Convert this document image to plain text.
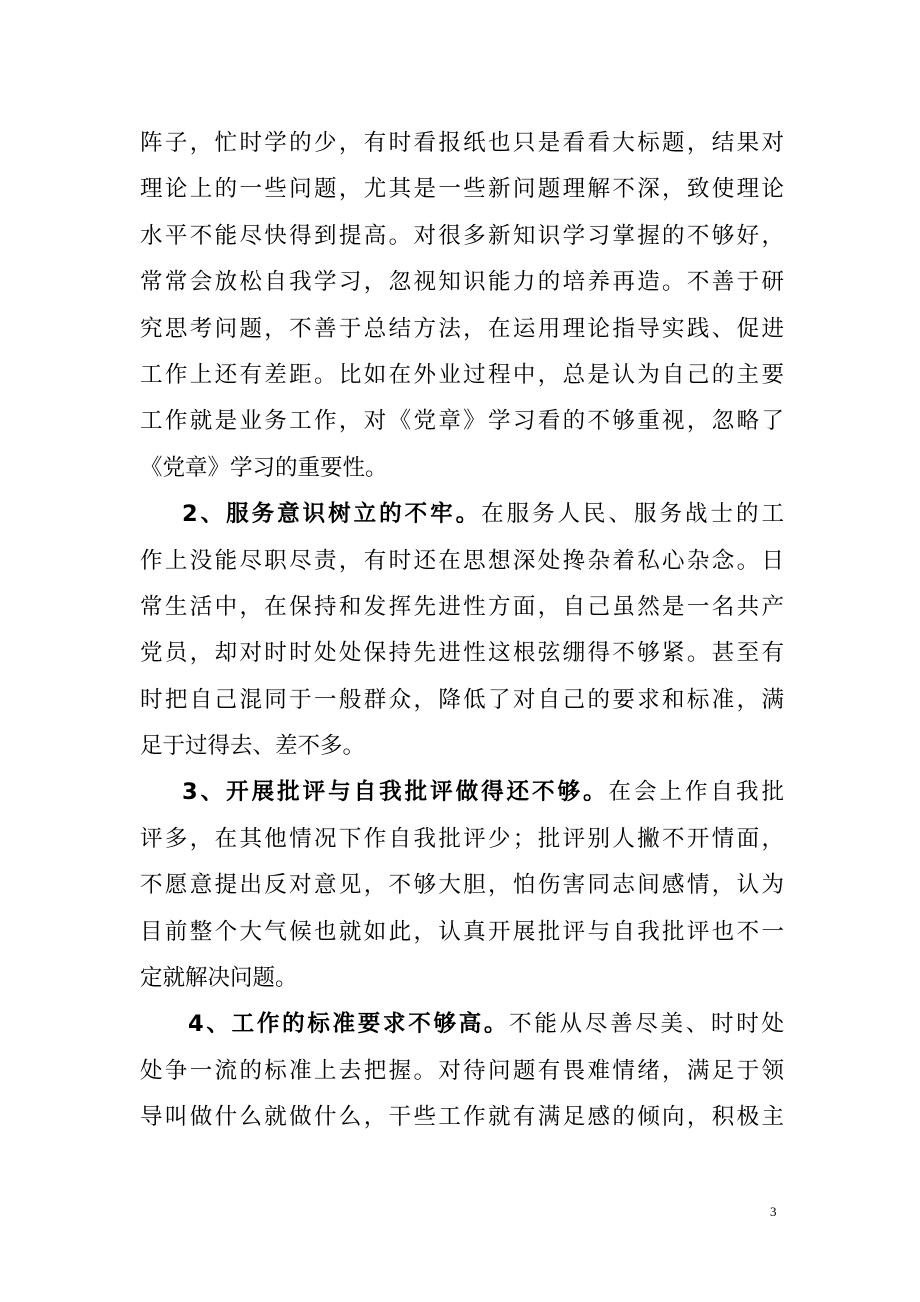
阵子，忙时学的少，有时看报纸也只是看看大标题，结果对
理论上的一些问题，尤其是一些新问题理解不深，致使理论
水平不能尽快得到提高。对很多新知识学习掌握的不够好，
常常会放松自我学习，忽视知识能力的培养再造。不善于研
究思考问题，不善于总结方法，在运用理论指导实践、促进
工作上还有差距。比如在外业过程中，总是认为自己的主要
工作就是业务工作，对《党章》学习看的不够重视，忽略了
《党章》学习的重要性。
2、服务意识树立的不牢。在服务人民、服务战士的工
作上没能尽职尽责，有时还在思想深处搀杂着私心杂念。日
常生活中，在保持和发挥先进性方面，自己虽然是一名共产
党员，却对时时处处保持先进性这根弦绷得不够紧。甚至有
时把自己混同于一般群众，降低了对自己的要求和标准，满
足于过得去、差不多。
3、开展批评与自我批评做得还不够。在会上作自我批
评多，在其他情况下作自我批评少；批评别人撇不开情面，
不愿意提出反对意见，不够大胆，怕伤害同志间感情，认为
目前整个大气候也就如此，认真开展批评与自我批评也不一
定就解决问题。
4、工作的标准要求不够高。不能从尽善尽美、时时处
处争一流的标准上去把握。对待问题有畏难情绪，满足于领
导叫做什么就做什么，干些工作就有满足感的倾向，积极主
3
